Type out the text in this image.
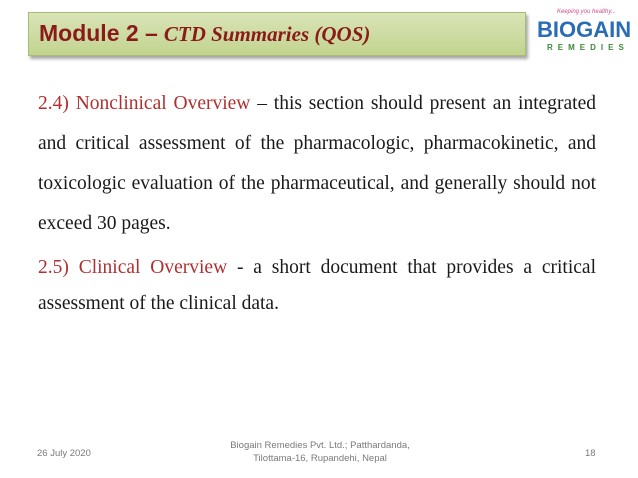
Module 2 – CTD Summaries (QOS)
Keeping you healthy...
BIOGAIN
REMEDIES

2.4) Nonclinical Overview – this section should present an integrated and critical assessment of the pharmacologic, pharmacokinetic, and toxicologic evaluation of the pharmaceutical, and generally should not exceed 30 pages.

2.5) Clinical Overview - a short document that provides a critical assessment of the clinical data.

26 July 2020
Biogain Remedies Pvt. Ltd.; Patthardanda,
Tilottama-16, Rupandehi, Nepal	18
